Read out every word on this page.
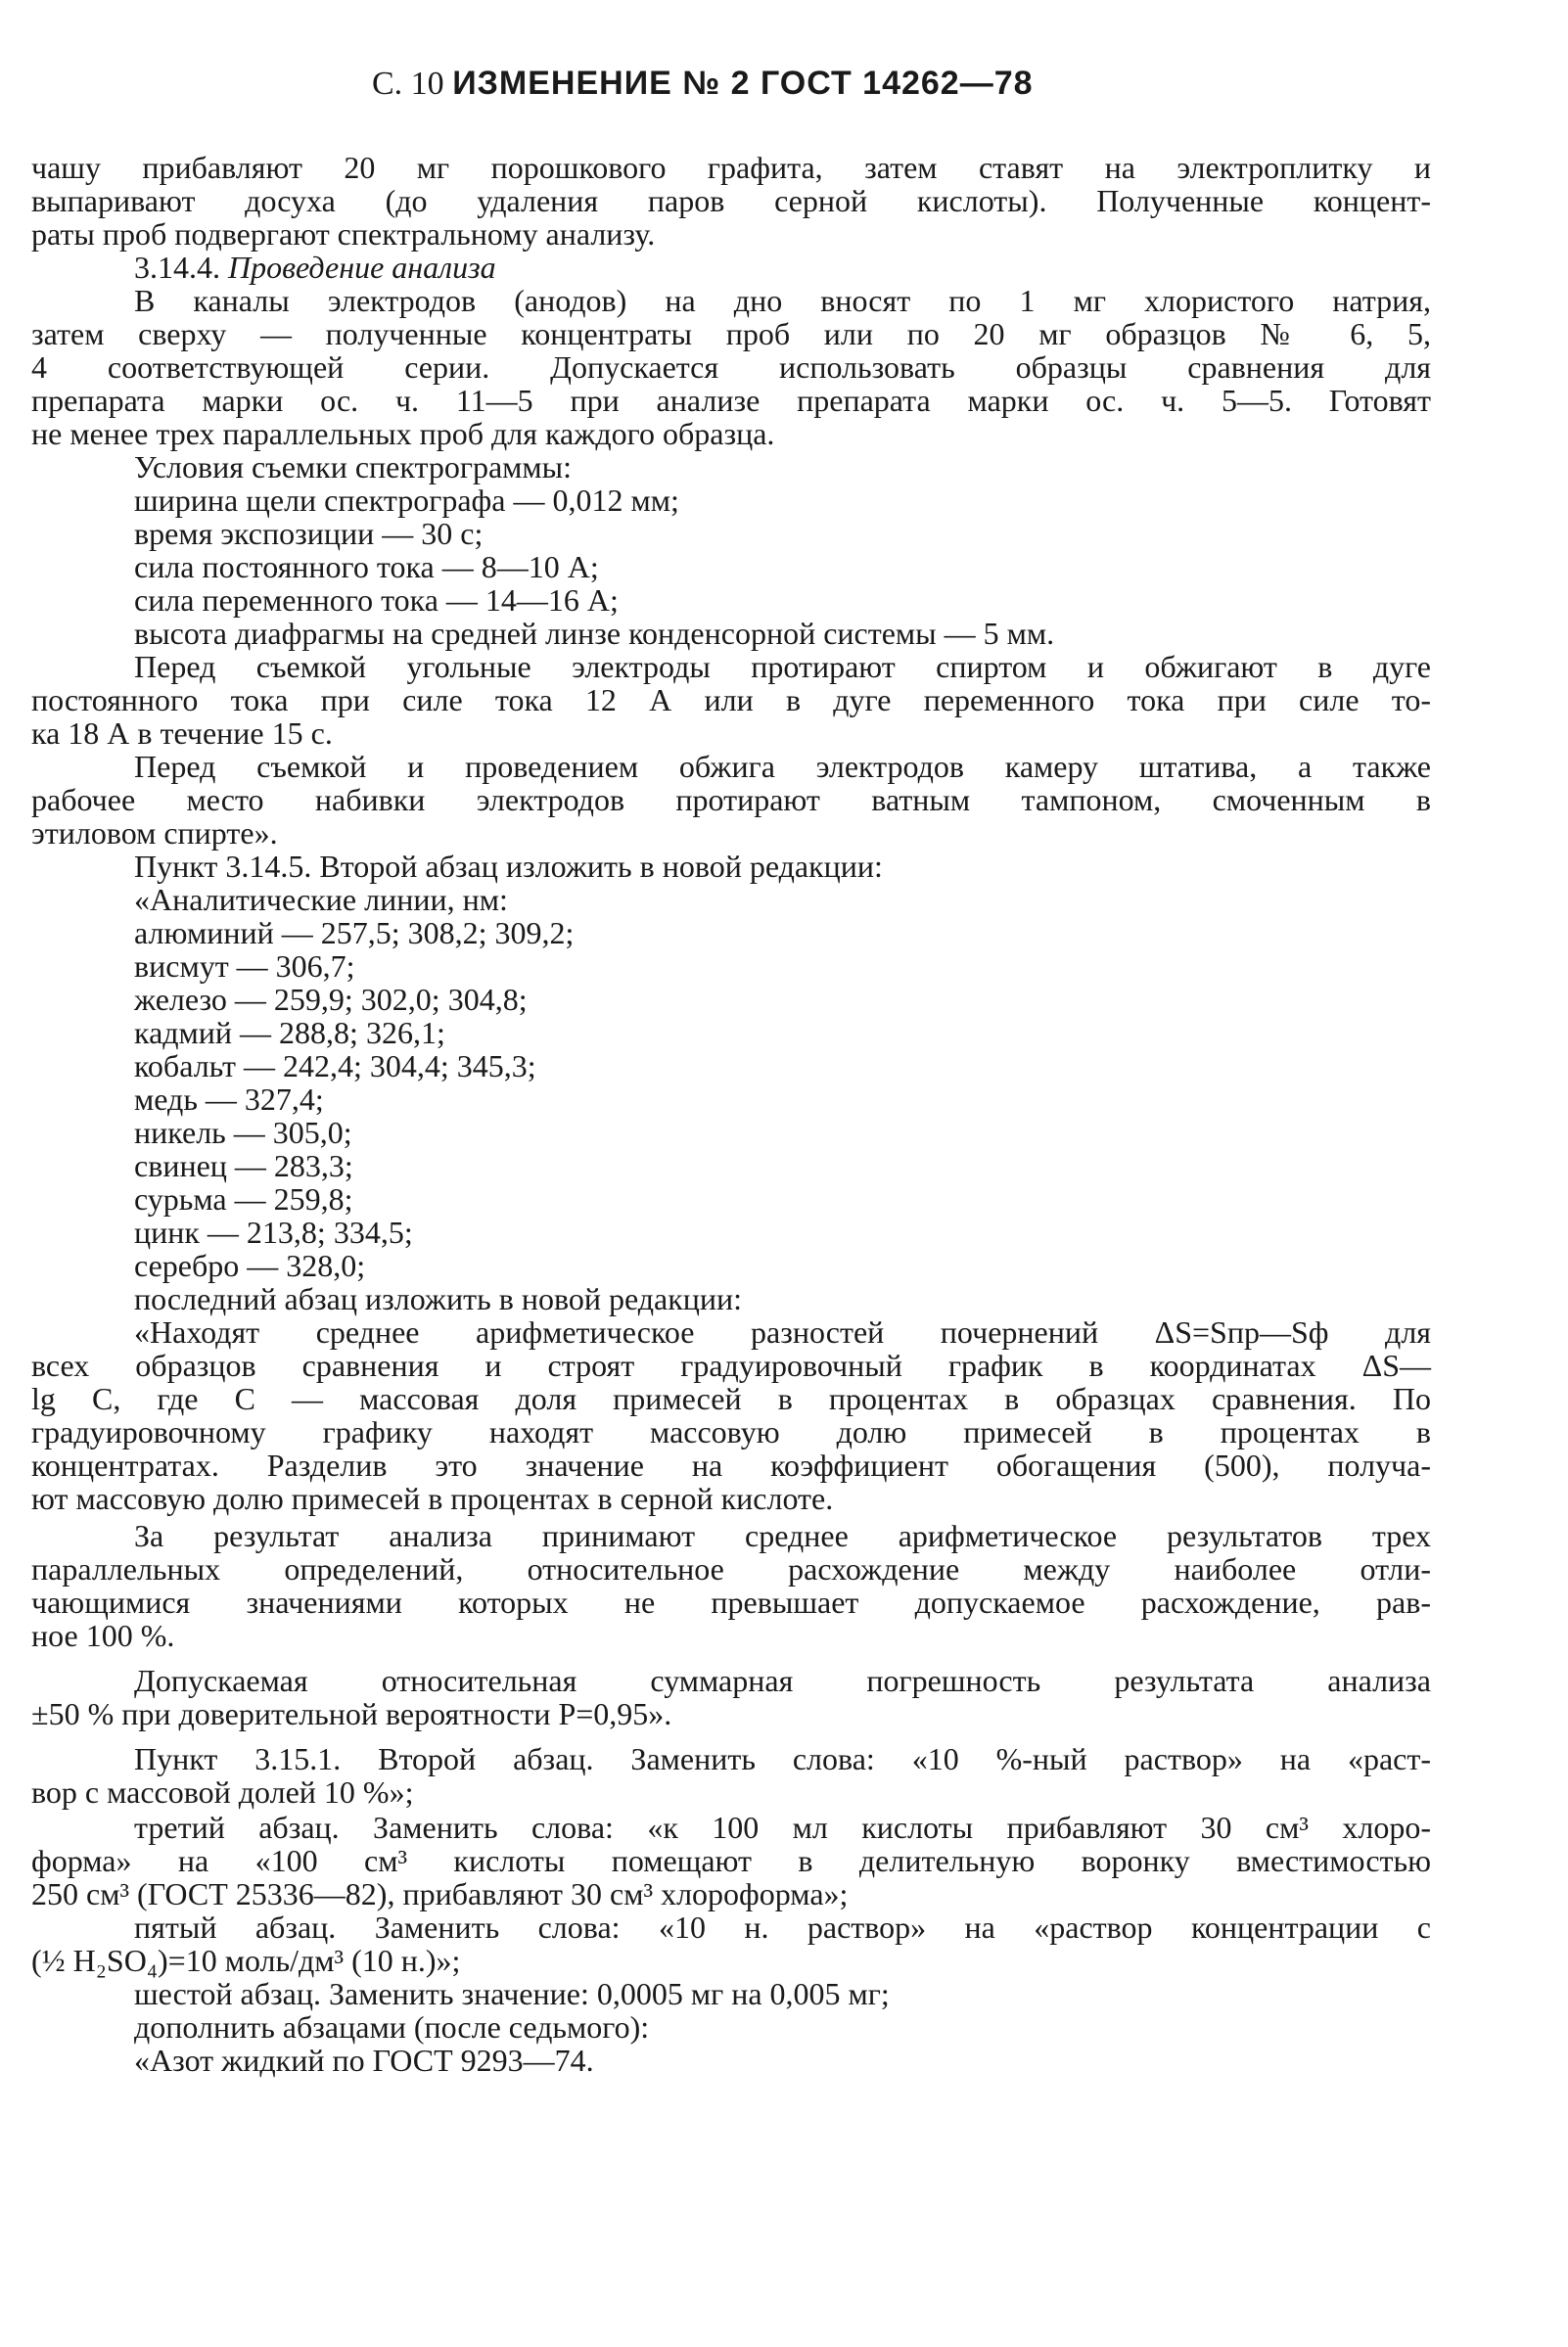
С. 10 ИЗМЕНЕНИЕ № 2 ГОСТ 14262—78
чашу прибавляют 20 мг порошкового графита, затем ставят на электроплитку и
выпаривают досуха (до удаления паров серной кислоты). Полученные концент-
раты проб подвергают спектральному анализу.
3.14.4. Проведение анализа
В каналы электродов (анодов) на дно вносят по 1 мг хлористого натрия,
затем сверху — полученные концентраты проб или по 20 мг образцов № 6, 5,
4 соответствующей серии. Допускается использовать образцы сравнения для
препарата марки ос. ч. 11—5 при анализе препарата марки ос. ч. 5—5. Готовят
не менее трех параллельных проб для каждого образца.
Условия съемки спектрограммы:
ширина щели спектрографа — 0,012 мм;
время экспозиции — 30 с;
сила постоянного тока — 8—10 А;
сила переменного тока — 14—16 А;
высота диафрагмы на средней линзе конденсорной системы — 5 мм.
Перед съемкой угольные электроды протирают спиртом и обжигают в дуге
постоянного тока при силе тока 12 А или в дуге переменного тока при силе то-
ка 18 А в течение 15 с.
Перед съемкой и проведением обжига электродов камеру штатива, а также
рабочее место набивки электродов протирают ватным тампоном, смоченным в
этиловом спирте».
Пункт 3.14.5. Второй абзац изложить в новой редакции:
«Аналитические линии, нм:
алюминий — 257,5; 308,2; 309,2;
висмут — 306,7;
железо — 259,9; 302,0; 304,8;
кадмий — 288,8; 326,1;
кобальт — 242,4; 304,4; 345,3;
медь — 327,4;
никель — 305,0;
свинец — 283,3;
сурьма — 259,8;
цинк — 213,8; 334,5;
серебро — 328,0;
последний абзац изложить в новой редакции:
«Находят среднее арифметическое разностей почернений ΔS=Sпр—Sф для
всех образцов сравнения и строят градуировочный график в координатах ΔS—
lg C, где C — массовая доля примесей в процентах в образцах сравнения. По
градуировочному графику находят массовую долю примесей в процентах в
концентратах. Разделив это значение на коэффициент обогащения (500), получа-
ют массовую долю примесей в процентах в серной кислоте.
За результат анализа принимают среднее арифметическое результатов трех
параллельных определений, относительное расхождение между наиболее отли-
чающимися значениями которых не превышает допускаемое расхождение, рав-
ное 100 %.
Допускаемая относительная суммарная погрешность результата анализа
±50 % при доверительной вероятности P=0,95».
Пункт 3.15.1. Второй абзац. Заменить слова: «10 %-ный раствор» на «раст-
вор с массовой долей 10 %»;
третий абзац. Заменить слова: «к 100 мл кислоты прибавляют 30 см³ хлоро-
форма» на «100 см³ кислоты помещают в делительную воронку вместимостью
250 см³ (ГОСТ 25336—82), прибавляют 30 см³ хлороформа»;
пятый абзац. Заменить слова: «10 н. раствор» на «раствор концентрации с
(½ H₂SO₄)=10 моль/дм³ (10 н.)»;
шестой абзац. Заменить значение: 0,0005 мг на 0,005 мг;
дополнить абзацами (после седьмого):
«Азот жидкий по ГОСТ 9293—74.
